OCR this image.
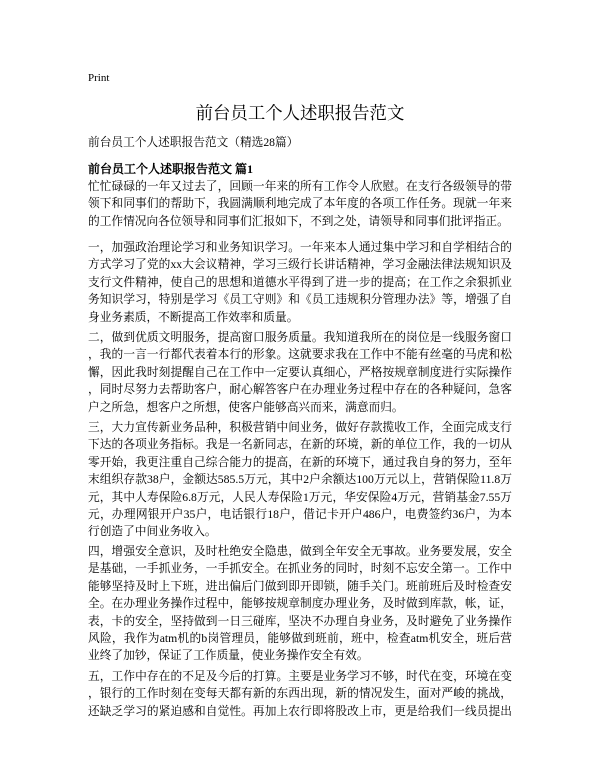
Print
前台员工个人述职报告范文
前台员工个人述职报告范文（精选28篇）
前台员工个人述职报告范文 篇1
忙忙碌碌的一年又过去了，回顾一年来的所有工作令人欣慰。在支行各级领导的带
领下和同事们的帮助下，我圆满顺利地完成了本年度的各项工作任务。现就一年来
的工作情况向各位领导和同事们汇报如下，不到之处，请领导和同事们批评指正。
一，加强政治理论学习和业务知识学习。一年来本人通过集中学习和自学相结合的
方式学习了党的xx大会议精神，学习三级行长讲话精神，学习金融法律法规知识及
支行文件精神，使自己的思想和道德水平得到了进一步的提高；在工作之余狠抓业
务知识学习，特别是学习《员工守则》和《员工违规积分管理办法》等，增强了自
身业务素质，不断提高工作效率和质量。
二，做到优质文明服务，提高窗口服务质量。我知道我所在的岗位是一线服务窗口
，我的一言一行都代表着本行的形象。这就要求我在工作中不能有丝毫的马虎和松
懈，因此我时刻提醒自己在工作中一定要认真细心，严格按规章制度进行实际操作
，同时尽努力去帮助客户，耐心解答客户在办理业务过程中存在的各种疑问，急客
户之所急，想客户之所想，使客户能够高兴而来，满意而归。
三，大力宣传新业务品种，积极营销中间业务，做好存款揽收工作，全面完成支行
下达的各项业务指标。我是一名新同志，在新的环境，新的单位工作，我的一切从
零开始，我更注重自己综合能力的提高，在新的环境下，通过我自身的努力，至年
末组织存款38户，金额达585.5万元，其中2户余额达100万元以上，营销保险11.8万
元，其中人寿保险6.8万元，人民人寿保险1万元，华安保险4万元，营销基金7.55万
元，办理网银开户35户，电话银行18户，借记卡开户486户，电费签约36户，为本
行创造了中间业务收入。
四，增强安全意识，及时杜绝安全隐患，做到全年安全无事故。业务要发展，安全
是基础，一手抓业务，一手抓安全。在抓业务的同时，时刻不忘安全第一。工作中
能够坚持及时上下班，进出偏后门做到即开即锁，随手关门。班前班后及时检查安
全。在办理业务操作过程中，能够按规章制度办理业务，及时做到库款，帐，证，
表，卡的安全，坚持做到一日三碰库，坚决不办理自身业务，及时避免了业务操作
风险，我作为atm机的b岗管理员，能够做到班前，班中，检查atm机安全，班后营
业终了加钞，保证了工作质量，使业务操作安全有效。
五，工作中存在的不足及今后的打算。主要是业务学习不够，时代在变，环境在变
，银行的工作时刻在变每天都有新的东西出现，新的情况发生，面对严峻的挑战，
还缺乏学习的紧迫感和自觉性。再加上农行即将股改上市，更是给我们一线员提出
